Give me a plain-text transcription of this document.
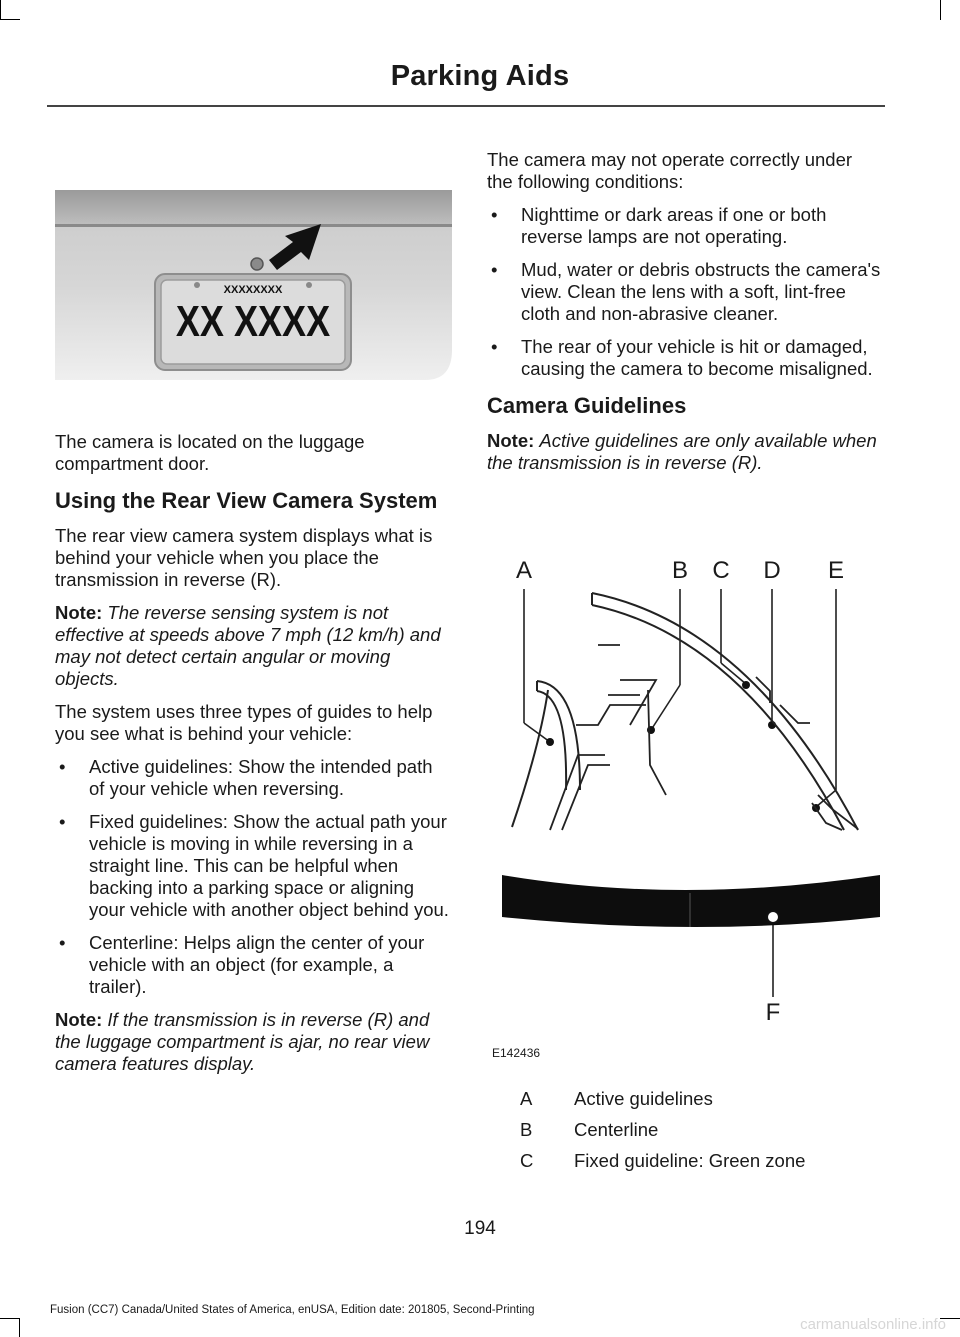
Parking Aids
XXXXXXXX
XX XXXX

The camera is located on the luggage compartment door.

Using the Rear View Camera System

The rear view camera system displays what is behind your vehicle when you place the transmission in reverse (R).

Note: The reverse sensing system is not effective at speeds above 7 mph (12 km/h) and may not detect certain angular or moving objects.

The system uses three types of guides to help you see what is behind your vehicle:

• Active guidelines: Show the intended path of your vehicle when reversing.
• Fixed guidelines: Show the actual path your vehicle is moving in while reversing in a straight line. This can be helpful when backing into a parking space or aligning your vehicle with another object behind you.
• Centerline: Helps align the center of your vehicle with an object (for example, a trailer).

Note: If the transmission is in reverse (R) and the luggage compartment is ajar, no rear view camera features display.

The camera may not operate correctly under the following conditions:

• Nighttime or dark areas if one or both reverse lamps are not operating.
• Mud, water or debris obstructs the camera's view. Clean the lens with a soft, lint-free cloth and non-abrasive cleaner.
• The rear of your vehicle is hit or damaged, causing the camera to become misaligned.
Camera Guidelines

Note: Active guidelines are only available when the transmission is in reverse (R).

A	B C D E
F
E142436
A	Active guidelines
B	Centerline
C	Fixed guideline: Green zone
194
Fusion (CC7) Canada/United States of America, enUSA, Edition date: 201805, Second-Printing
carmanualsonline.info
